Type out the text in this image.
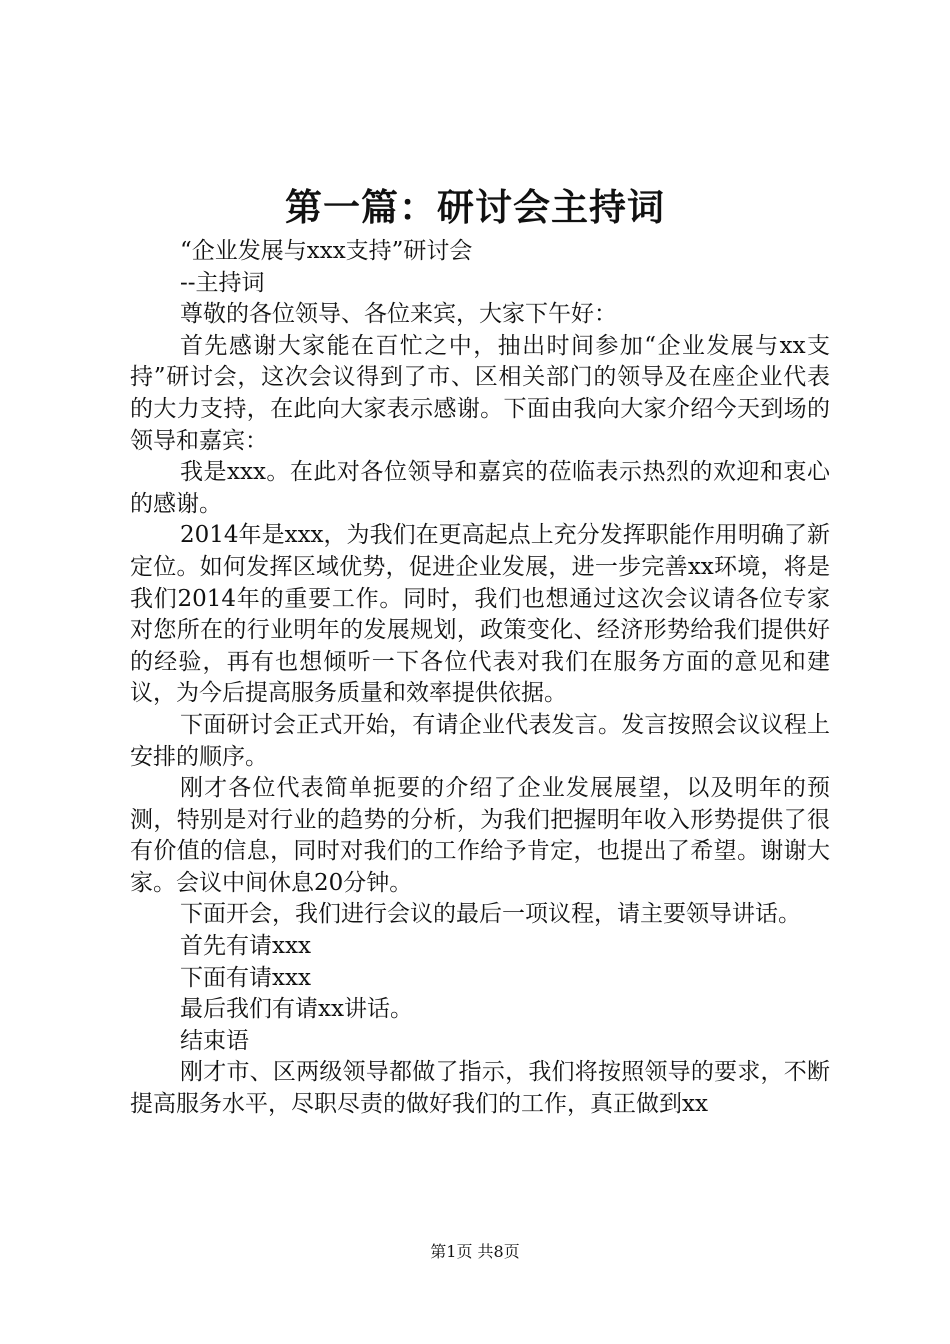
第一篇：研讨会主持词

“企业发展与xxx支持”研讨会

--主持词

尊敬的各位领导、各位来宾，大家下午好：

首先感谢大家能在百忙之中，抽出时间参加“企业发展与xx支持”研讨会，这次会议得到了市、区相关部门的领导及在座企业代表的大力支持，在此向大家表示感谢。下面由我向大家介绍今天到场的领导和嘉宾：

我是xxx。在此对各位领导和嘉宾的莅临表示热烈的欢迎和衷心的感谢。

2014年是xxx，为我们在更高起点上充分发挥职能作用明确了新定位。如何发挥区域优势，促进企业发展，进一步完善xx环境，将是我们2014年的重要工作。同时，我们也想通过这次会议请各位专家对您所在的行业明年的发展规划，政策变化、经济形势给我们提供好的经验，再有也想倾听一下各位代表对我们在服务方面的意见和建议，为今后提高服务质量和效率提供依据。

下面研讨会正式开始，有请企业代表发言。发言按照会议议程上安排的顺序。

刚才各位代表简单扼要的介绍了企业发展展望，以及明年的预测，特别是对行业的趋势的分析，为我们把握明年收入形势提供了很有价值的信息，同时对我们的工作给予肯定，也提出了希望。谢谢大家。会议中间休息20分钟。

下面开会，我们进行会议的最后一项议程，请主要领导讲话。

首先有请xxx

下面有请xxx

最后我们有请xx讲话。

结束语

刚才市、区两级领导都做了指示，我们将按照领导的要求，不断提高服务水平，尽职尽责的做好我们的工作，真正做到xx

第1页 共8页
